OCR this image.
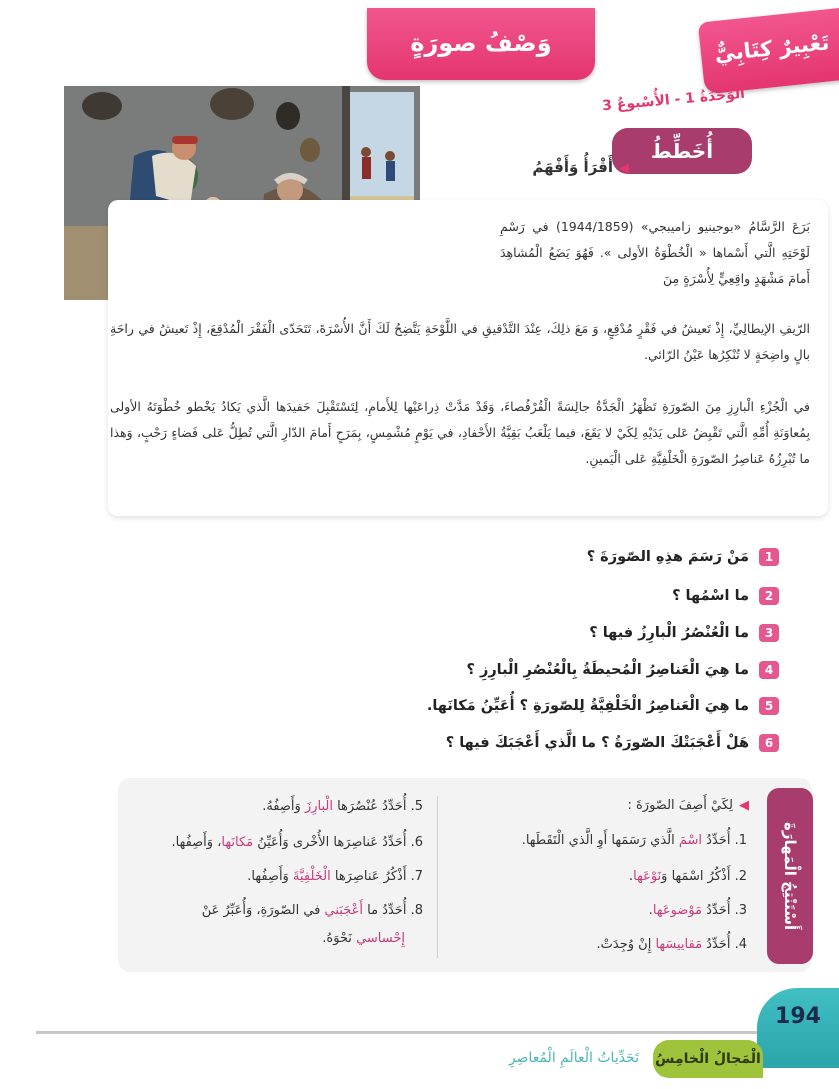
تَعْبِيرٌ كِتَابِيٌّ
وَصْفُ صورَةٍ
الوَحْدَةُ 1 - الأُسْبوعُ 3
أُخَطِّطُ
◀أَقْرَأُ وَأَفْهَمُ
بَرَعَ الرَّسَّامُ «بوجينيو زاميبجي» (1944/1859) في رَسْمِ لَوْحَتِهِ الَّتي أَسْماها « الْخُطْوَةُ الأولى ». فَهُوَ يَضَعُ الْمُشاهِدَ أَمامَ مَشْهَدٍ واقِعِيٍّ لِأُسْرَةٍ مِنَ
الرّيفِ الإيطالِيِّ، إِذْ تَعيشُ في فَقْرٍ مُدْقِعٍ، وَ مَعَ ذلِكَ، عِنْدَ التَّدْقيقِ في اللَّوْحَةِ يَتَّضِحُ لَكَ أَنَّ الأُسْرَةَ، تَتَحَدّى الْفَقْرَ الْمُدْقِعَ، إِذْ تَعيشُ في راحَةِ بالٍ واضِحَةٍ لا تُنْكِرُها عَيْنُ الرّائي.
في الْجُزْءِ الْبارِزِ مِنَ الصّورَةِ تَظْهَرُ الْجَدَّةُ جالِسَةً الْقُرْفُصاءَ، وَقَدْ مَدَّتْ ذِراعَيْها لِلأَمامِ، لِتَسْتَقْبِلَ حَفيدَها الَّذي يَكادُ يَخْطو خُطْوَتَهُ الأولى بِمُعاوَنَةِ أُمِّهِ الَّتي تَقْبِضُ عَلى يَدَيْهِ لِكَيْ لا يَقَعَ، فيما يَلْعَبُ بَقِيَّةُ الأَحْفادِ، في يَوْمٍ مُشْمِسٍ، بِمَرَحٍ أَمامَ الدّارِ الَّتي تُطِلُّ عَلى فَضاءٍ رَحْبٍ، وَهذا ما تُبْرِزُهُ عَناصِرُ الصّورَةِ الْخَلْفِيَّةِ عَلى الْيَمينِ.
1
مَنْ رَسَمَ هذِهِ الصّورَةَ ؟
2
ما اسْمُها ؟
3
ما الْعُنْصُرُ الْبارِزُ فيها ؟
4
ما هِيَ الْعَناصِرُ الْمُحيطَةُ بِالْعُنْصُرِ الْبارِزِ ؟
5
ما هِيَ الْعَناصِرُ الْخَلْفِيَّةُ لِلصّورَةِ ؟ أُعَيِّنُ مَكانَها.
6
هَلْ أَعْجَبَتْكَ الصّورَةُ ؟ ما الَّذي أَعْجَبَكَ فيها ؟
أَسْتَنْتِجُ الْمَهارَةَ
◀لِكَيْ أَصِفَ الصّورَةَ :
1. أُحَدِّدُ اسْمَ الَّذي رَسَمَها أَوِ الَّذي الْتَقَطَها.
2. أَذْكُرُ اسْمَها وَنَوْعَها.
3. أُحَدِّدُ مَوْضوعَها.
4. أُحَدِّدُ مَقاييسَها إِنْ وُجِدَتْ.
5. أُحَدِّدُ عُنْصُرَها الْبارِزَ وَأَصِفُهُ.
6. أُحَدِّدُ عَناصِرَها الأُخْرى وَأُعَيِّنُ مَكانَها، وَأَصِفُها.
7. أَذْكُرُ عَناصِرَها الْخَلْفِيَّةَ وَأَصِفُها.
8. أُحَدِّدُ ما أَعْجَبَني في الصّورَةِ، وَأُعَبِّرُ عَنْ
إِحْساسي نَحْوَهُ.
194
الْمَجالُ الْخامِسُ
تَحَدِّياتُ الْعالَمِ الْمُعاصِرِ
